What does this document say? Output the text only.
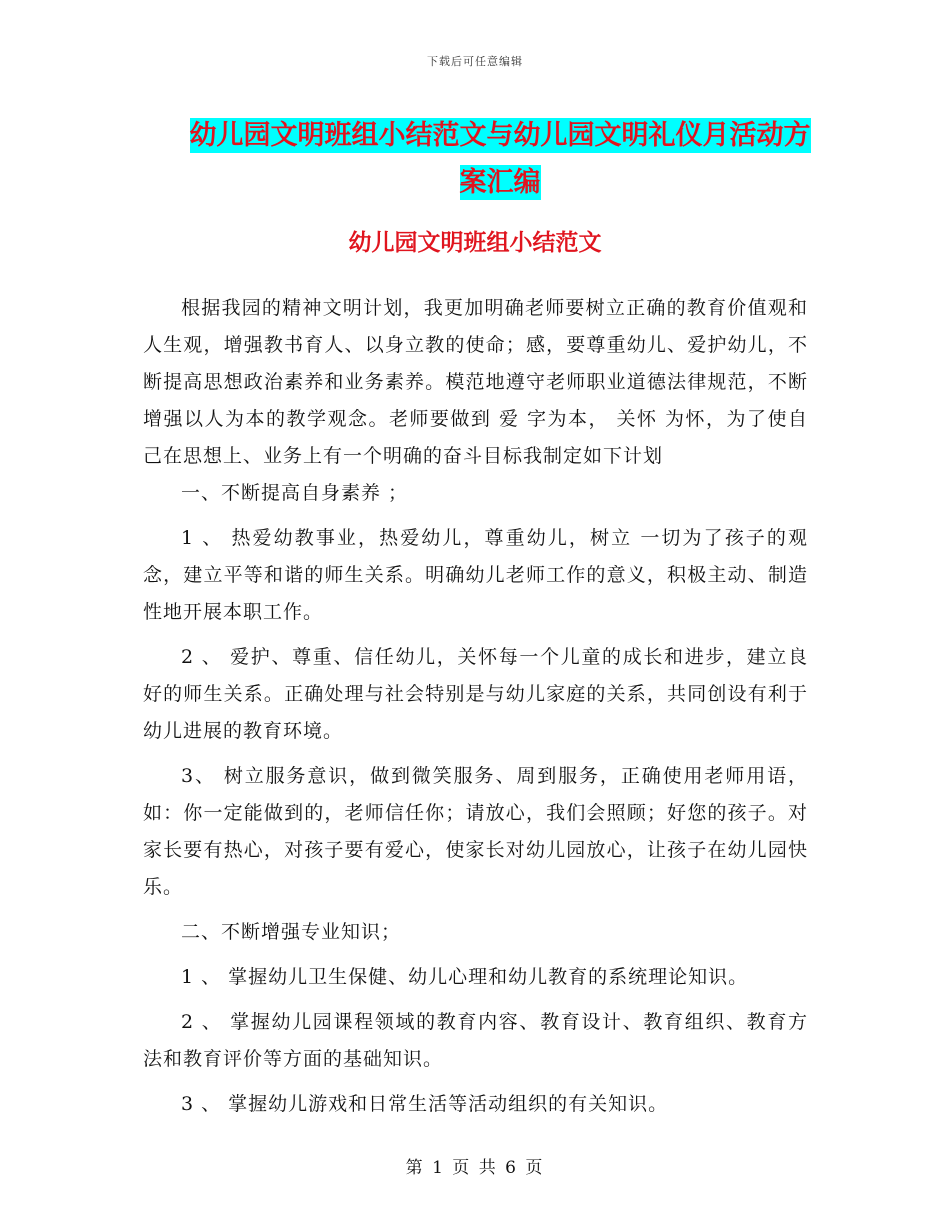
下载后可任意编辑
幼儿园文明班组小结范文与幼儿园文明礼仪月活动方
案汇编
幼儿园文明班组小结范文

根据我园的精神文明计划，我更加明确老师要树立正确的教育价值观和人生观，增强教书育人、以身立教的使命；感，要尊重幼儿、爱护幼儿，不断提高思想政治素养和业务素养。模范地遵守老师职业道德法律规范，不断增强以人为本的教学观念。老师要做到 爱 字为本， 关怀 为怀，为了使自己在思想上、业务上有一个明确的奋斗目标我制定如下计划

一、不断提高自身素养 ；

1 、 热爱幼教事业，热爱幼儿，尊重幼儿，树立 一切为了孩子的观念，建立平等和谐的师生关系。明确幼儿老师工作的意义，积极主动、制造性地开展本职工作。

2 、 爱护、尊重、信任幼儿，关怀每一个儿童的成长和进步，建立良好的师生关系。正确处理与社会特别是与幼儿家庭的关系，共同创设有利于幼儿进展的教育环境。

3、 树立服务意识，做到微笑服务、周到服务，正确使用老师用语，如：你一定能做到的，老师信任你；请放心，我们会照顾；好您的孩子。对家长要有热心，对孩子要有爱心，使家长对幼儿园放心，让孩子在幼儿园快乐。

二、不断增强专业知识；

1 、 掌握幼儿卫生保健、幼儿心理和幼儿教育的系统理论知识。

2 、 掌握幼儿园课程领域的教育内容、教育设计、教育组织、教育方法和教育评价等方面的基础知识。

3 、 掌握幼儿游戏和日常生活等活动组织的有关知识。

第 1 页 共 6 页
